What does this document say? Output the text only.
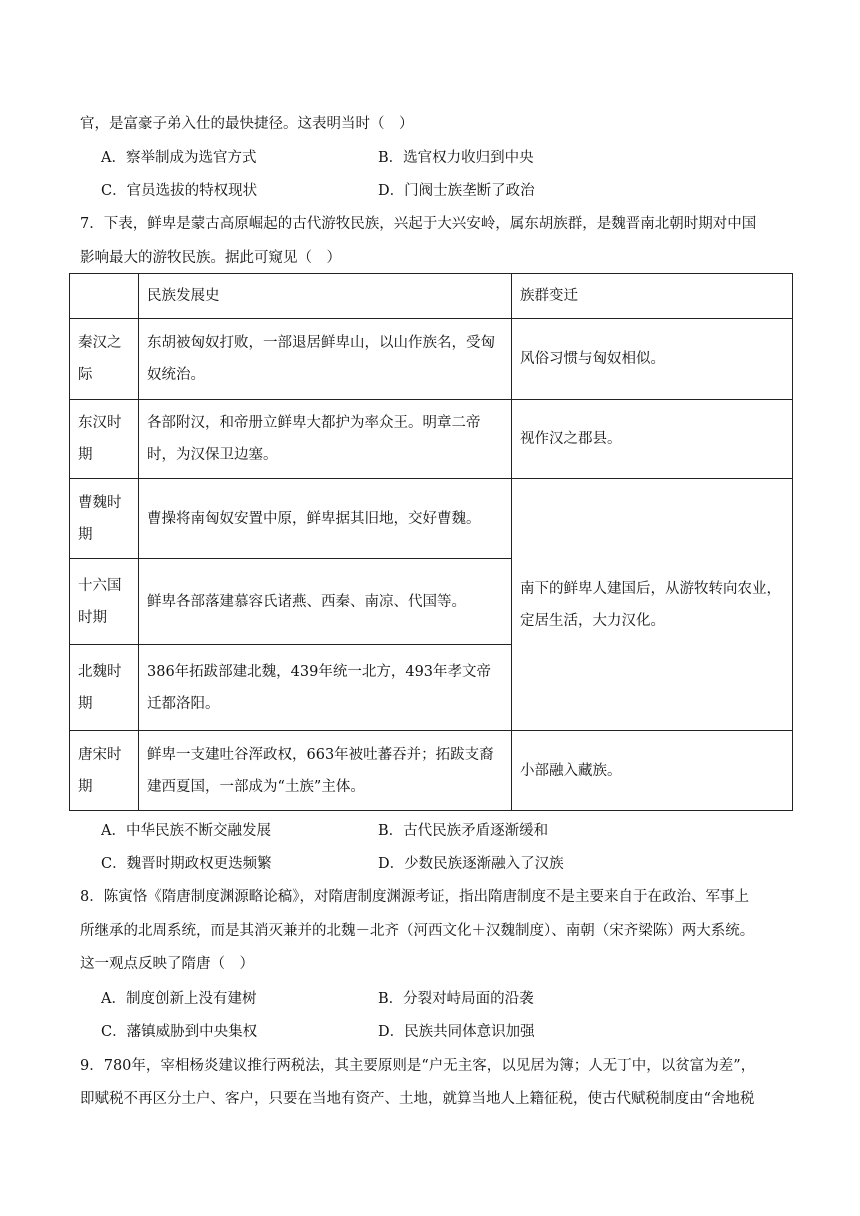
官，是富豪子弟入仕的最快捷径。这表明当时（　）
A．察举制成为选官方式	B．选官权力收归到中央
C．官员选拔的特权现状	D．门阀士族垄断了政治
7．下表，鲜卑是蒙古高原崛起的古代游牧民族，兴起于大兴安岭，属东胡族群，是魏晋南北朝时期对中国
影响最大的游牧民族。据此可窥见（　）
	民族发展史	族群变迁
秦汉之际	东胡被匈奴打败，一部退居鲜卑山，以山作族名，受匈奴统治。	风俗习惯与匈奴相似。
东汉时期	各部附汉，和帝册立鲜卑大都护为率众王。明章二帝时，为汉保卫边塞。	视作汉之郡县。
曹魏时期	曹操将南匈奴安置中原，鲜卑据其旧地，交好曹魏。	南下的鲜卑人建国后，从游牧转向农业，定居生活，大力汉化。
十六国时期	鲜卑各部落建慕容氏诸燕、西秦、南凉、代国等。	
北魏时期	386年拓跋部建北魏，439年统一北方，493年孝文帝迁都洛阳。	
唐宋时期	鲜卑一支建吐谷浑政权，663年被吐蕃吞并；拓跋支裔建西夏国，一部成为“土族”主体。	小部融入藏族。
A．中华民族不断交融发展	B．古代民族矛盾逐渐缓和
C．魏晋时期政权更迭频繁	D．少数民族逐渐融入了汉族
8．陈寅恪《隋唐制度渊源略论稿》，对隋唐制度渊源考证，指出隋唐制度不是主要来自于在政治、军事上
所继承的北周系统，而是其消灭兼并的北魏－北齐（河西文化＋汉魏制度）、南朝（宋齐梁陈）两大系统。
这一观点反映了隋唐（　）
A．制度创新上没有建树	B．分裂对峙局面的沿袭
C．藩镇威胁到中央集权	D．民族共同体意识加强
9．780年，宰相杨炎建议推行两税法，其主要原则是“户无主客，以见居为簿；人无丁中，以贫富为差”，
即赋税不再区分土户、客户，只要在当地有资产、土地，就算当地人上籍征税，使古代赋税制度由“舍地税
